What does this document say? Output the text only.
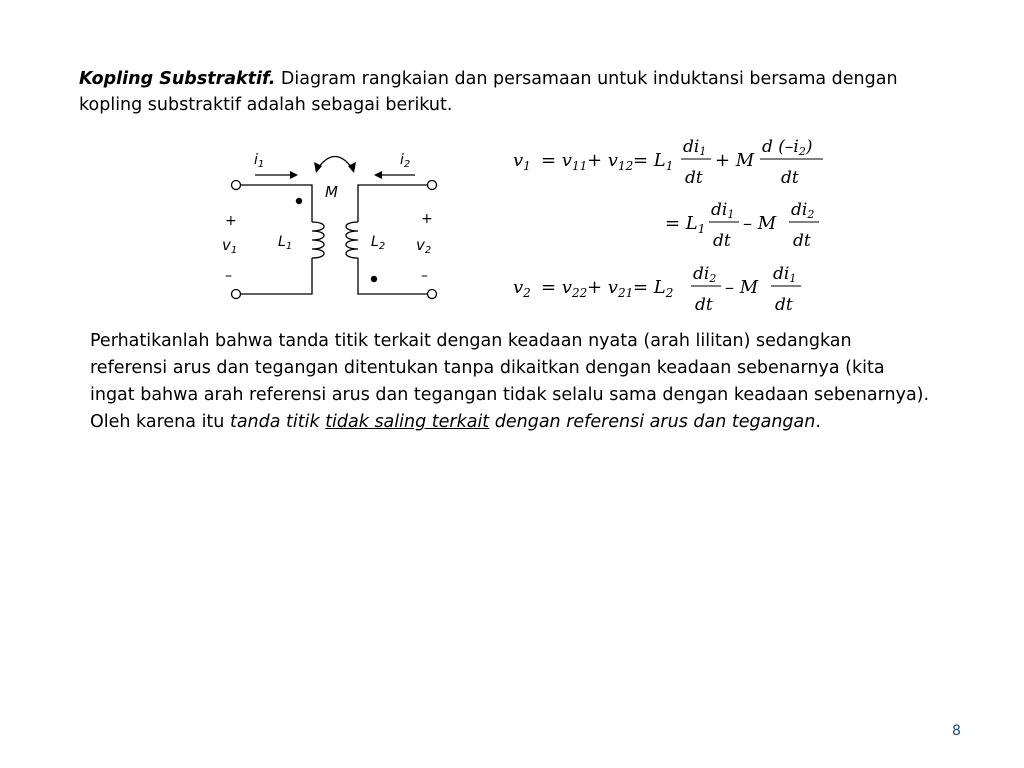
Kopling Substraktif. Diagram rangkaian dan persamaan untuk induktansi bersama dengan kopling substraktif adalah sebagai berikut.
$i_1$	$i_2$
M
+
$v_1$
–
+
$v_2$
–
$L_1$	$L_2$
$v_1 = v_{11} + v_{12} = L_1$
di1
dt
+ M
d (–i2)
dt
= $L_1$
di1
dt
– M
di2
dt
$v_2 = v_{22} + v_{21} = L_2$
di2
dt
– M
di1
dt
Perhatikanlah bahwa tanda titik terkait dengan keadaan nyata (arah lilitan) sedangkan referensi arus dan tegangan ditentukan tanpa dikaitkan dengan keadaan sebenarnya (kita ingat bahwa arah referensi arus dan tegangan tidak selalu sama dengan keadaan sebenarnya). Oleh karena itu tanda titik tidak saling terkait dengan referensi arus dan tegangan.
8
